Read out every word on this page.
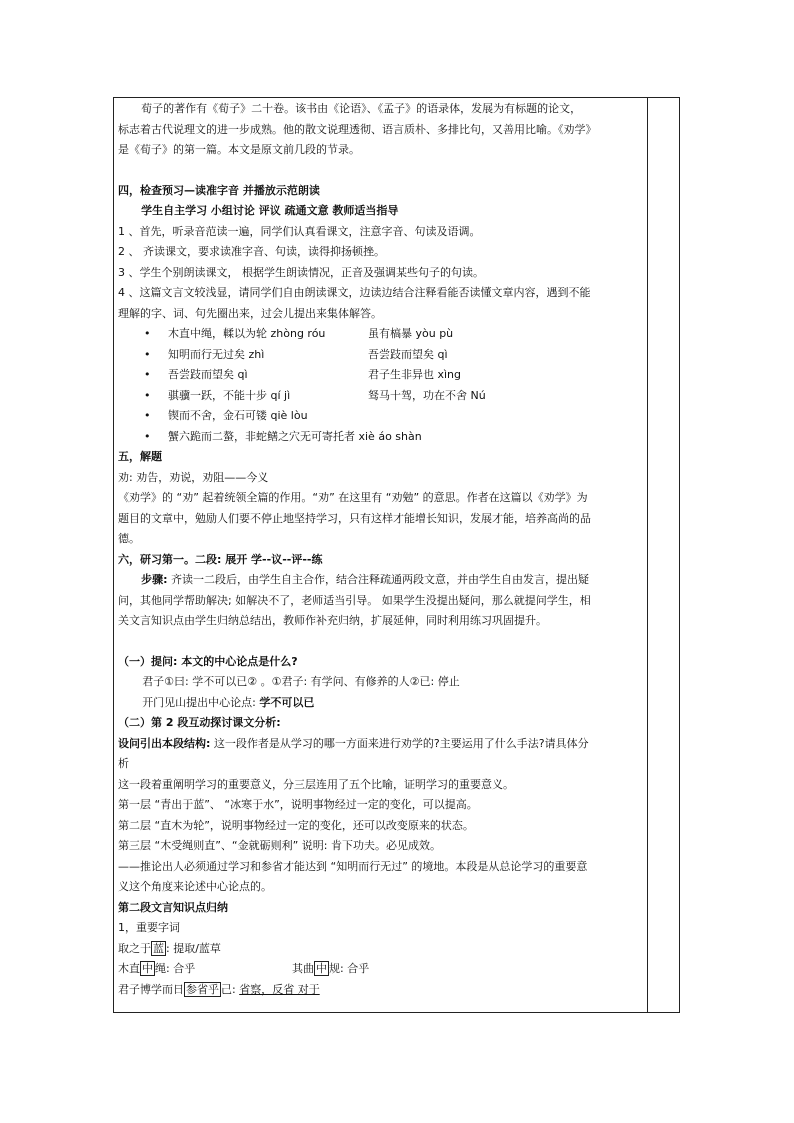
荀子的著作有《荀子》二十卷。该书由《论语》、《孟子》的语录体，发展为有标题的论文，

标志着古代说理文的进一步成熟。他的散文说理透彻、语言质朴、多排比句，又善用比喻。《劝学》

是《荀子》的第一篇。本文是原文前几段的节录。

四，检查预习—读准字音 并播放示范朗读

学生自主学习 小组讨论 评议 疏通文意 教师适当指导

1 、首先，听录音范读一遍，同学们认真看课文，注意字音、句读及语调。

2 、 齐读课文，要求读准字音、句读，读得抑扬顿挫。

3 、学生个别朗读课文， 根据学生朗读情况，正音及强调某些句子的句读。

4 、这篇文言文较浅显，请同学们自由朗读课文，边读边结合注释看能否读懂文章内容，遇到不能

理解的字、词、句先圈出来，过会儿提出来集体解答。

•	木直中绳，輮以为轮 zhòng róu	虽有槁暴 yòu pù
•	知明而行无过矣 zhì	吾尝跂而望矣 qì
•	吾尝跂而望矣 qì	君子生非异也 xìng
•	骐骥一跃，不能十步 qí jì	驽马十驾，功在不舍 Nú
•	锲而不舍，金石可镂 qiè lòu
•	蟹六跪而二螯，非蛇鳝之穴无可寄托者 xiè áo shàn

五，解题

劝: 劝告，劝说，劝阻——今义

《劝学》的 “劝” 起着统领全篇的作用。“劝” 在这里有 “劝勉” 的意思。作者在这篇以《劝学》为

题目的文章中，勉励人们要不停止地坚持学习，只有这样才能增长知识，发展才能，培养高尚的品

德。

六，研习第一。二段: 展开 学--议--评--练

步骤: 齐读一二段后，由学生自主合作，结合注释疏通两段文意，并由学生自由发言，提出疑

问，其他同学帮助解决; 如解决不了，老师适当引导。 如果学生没提出疑问，那么就提问学生，相

关文言知识点由学生归纳总结出，教师作补充归纳，扩展延伸，同时利用练习巩固提升。

（一）提问: 本文的中心论点是什么?

君子①曰: 学不可以已② 。①君子: 有学问、有修养的人②已: 停止

开门见山提出中心论点: 学不可以已

（二）第 2 段互动探讨课文分析:

设问引出本段结构: 这一段作者是从学习的哪一方面来进行劝学的?主要运用了什么手法?请具体分

析

这一段着重阐明学习的重要意义，分三层连用了五个比喻，证明学习的重要意义。

第一层 “青出于蓝”、 “冰寒于水”，说明事物经过一定的变化，可以提高。

第二层 “直木为轮”，说明事物经过一定的变化，还可以改变原来的状态。

第三层 “木受绳则直”、“金就砺则利” 说明: 肯下功夫。必见成效。

——推论出人必须通过学习和参省才能达到 “知明而行无过” 的境地。本段是从总论学习的重要意

义这个角度来论述中心论点的。

第二段文言知识点归纳

1，重要字词

取之于 蓝 : 提取/蓝草

木直 中 绳: 合乎	其曲 中 规: 合乎

君子博学而日 参省乎 己: 省察，反省 对于
